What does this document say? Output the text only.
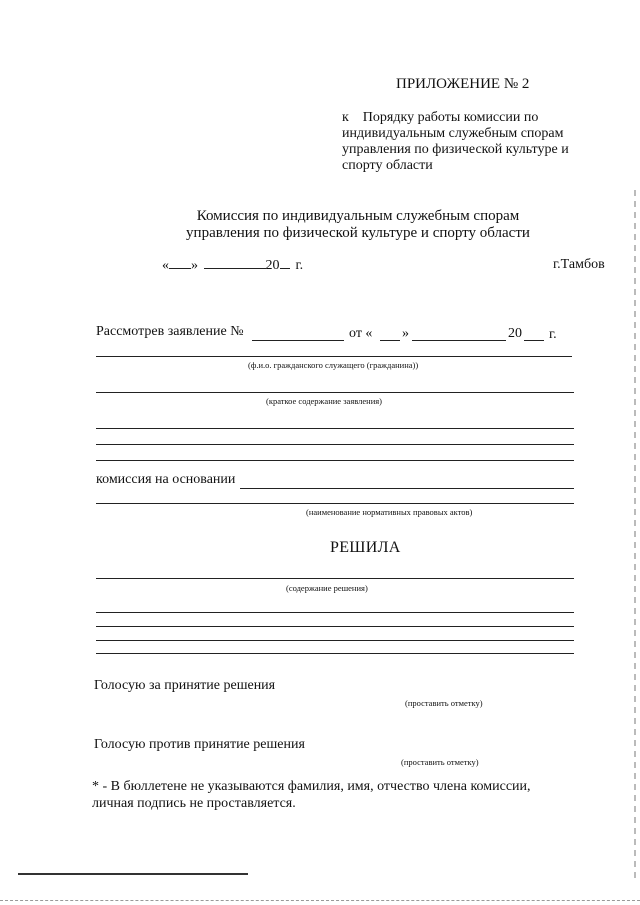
ПРИЛОЖЕНИЕ № 2
к    Порядку работы комиссии по
индивидуальным служебным спорам
управления по физической культуре и
спорту области
Комиссия по индивидуальным служебным спорам
управления по физической культуре и спорту области
« »	20 г.	г.Тамбов
Рассмотрев заявление №	от « »	20 г.
(ф.и.о. гражданского служащего (гражданина))
(краткое содержание заявления)
комиссия на основании
(наименование нормативных правовых актов)
РЕШИЛА
(содержание решения)
Голосую за принятие решения
(проставить отметку)
Голосую против принятие решения
(проставить отметку)
* - В бюллетене не указываются фамилия, имя, отчество члена комиссии,
личная подпись не проставляется.
